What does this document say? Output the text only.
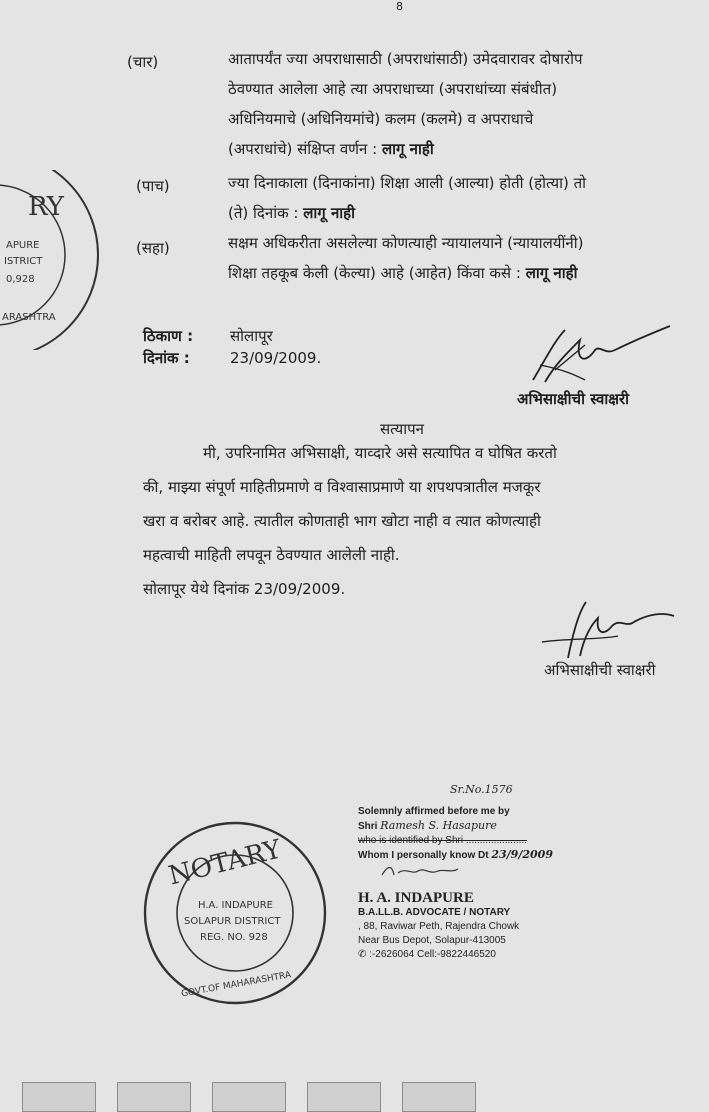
8
(चार)	आतापर्यंत ज्या अपराधासाठी (अपराधांसाठी) उमेदवारावर दोषारोप
ठेवण्यात आलेला आहे त्या अपराधाच्या (अपराधांच्या संबंधीत)
अधिनियमाचे (अधिनियमांचे) कलम (कलमे) व अपराधाचे
(अपराधांचे) संक्षिप्त वर्णन : लागू नाही
(पाच)	ज्या दिनाकाला (दिनाकांना) शिक्षा आली (आल्या) होती (होत्या) तो
(ते) दिनांक : लागू नाही
(सहा)	सक्षम अधिकरीता असलेल्या कोणत्याही न्यायालयाने (न्यायालयींनी)
शिक्षा तहकूब केली (केल्या) आहे (आहेत) किंवा कसे : लागू नाही
RY
APURE
ISTRICT
0,928
ARASHTRA
ठिकाण : सोलापूर
दिनांक :	23/09/2009.
अभिसाक्षीची स्वाक्षरी
सत्यापन
मी, उपरिनामित अभिसाक्षी, याव्दारे असे सत्यापित व घोषित करतो
की, माझ्या संपूर्ण माहितीप्रमाणे व विश्वासाप्रमाणे या शपथपत्रातील मजकूर
खरा व बरोबर आहे. त्यातील कोणताही भाग खोटा नाही व त्यात कोणत्याही
महत्वाची माहिती लपवून ठेवण्यात आलेली नाही.
सोलापूर येथे दिनांक 23/09/2009.
अभिसाक्षीची स्वाक्षरी
NOTARY
H.A. INDAPURE
SOLAPUR DISTRICT
REG. NO. 928
GOVT.OF MAHARASHTRA
Sr.No.1576
Solemnly affirmed before me by
Shri Ramesh S. Hasapure
who is identified by Shri ......................
Whom I personally know Dt 23/9/2009
H. A. INDAPURE
B.A.LL.B. ADVOCATE / NOTARY
, 88, Raviwar Peth, Rajendra Chowk
Near Bus Depot, Solapur-413005
✆ :-2626064 Cell:-9822446520
